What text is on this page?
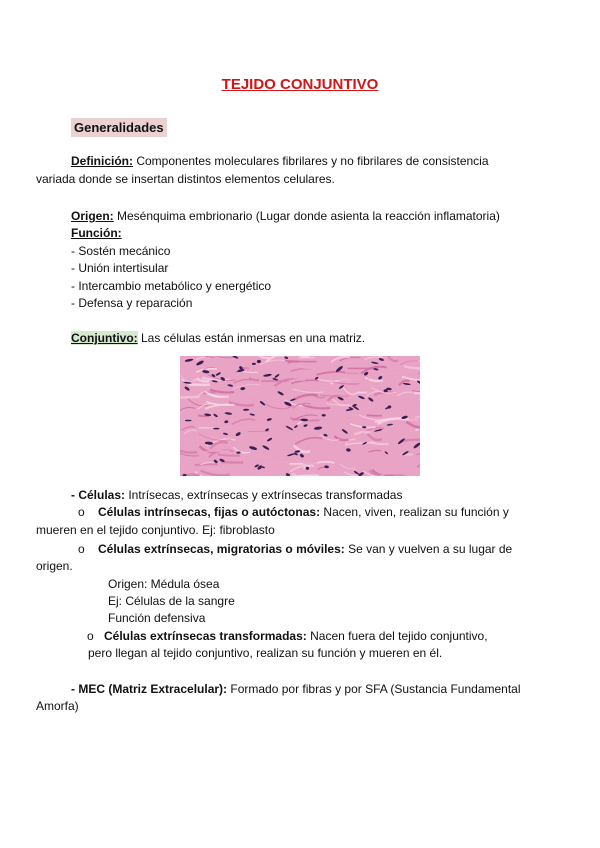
TEJIDO CONJUNTIVO
Generalidades
Definición: Componentes moleculares fibrilares y no fibrilares de consistencia
variada donde se insertan distintos elementos celulares.
Origen: Mesénquima embrionario (Lugar donde asienta la reacción inflamatoria)
Función:
- Sostén mecánico
- Unión intertisular
- Intercambio metabólico y energético
- Defensa y reparación
Conjuntivo: Las células están inmersas en una matriz.
- Células: Intrísecas, extrínsecas y extrínsecas transformadas
o Células intrínsecas, fijas o autóctonas: Nacen, viven, realizan su función y
mueren en el tejido conjuntivo. Ej: fibroblasto
o Células extrínsecas, migratorias o móviles: Se van y vuelven a su lugar de
origen.
Origen: Médula ósea
Ej: Células de la sangre
Función defensiva
o Células extrínsecas transformadas: Nacen fuera del tejido conjuntivo,
pero llegan al tejido conjuntivo, realizan su función y mueren en él.
- MEC (Matriz Extracelular): Formado por fibras y por SFA (Sustancia Fundamental
Amorfa)
